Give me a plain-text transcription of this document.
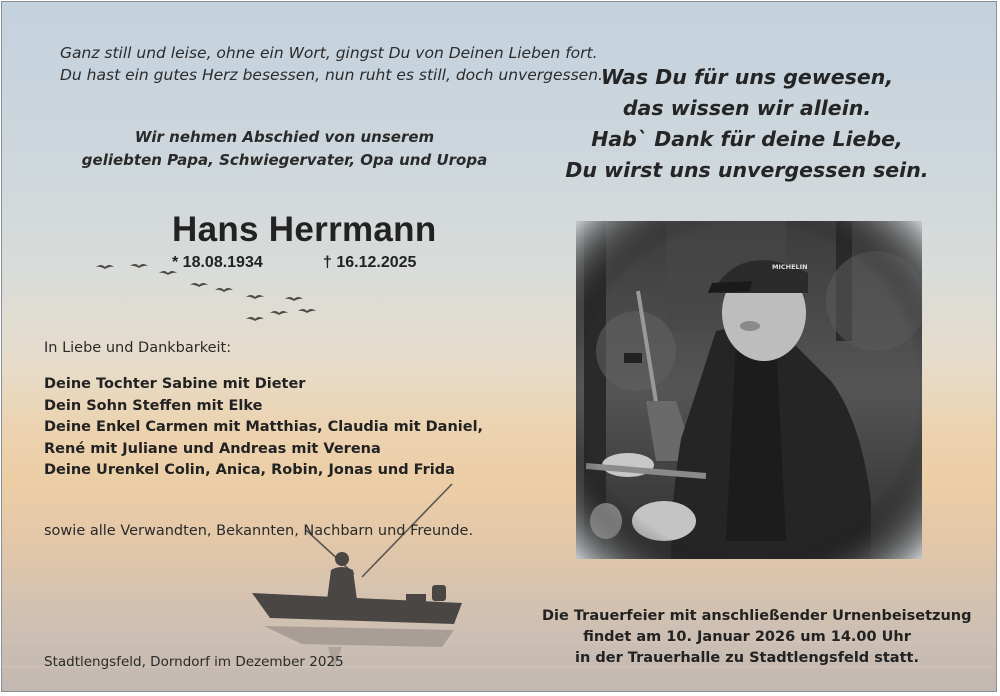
Ganz still und leise, ohne ein Wort, gingst Du von Deinen Lieben fort.
Du hast ein gutes Herz besessen, nun ruht es still, doch unvergessen.

Wir nehmen Abschied von unserem
geliebten Papa, Schwiegervater, Opa und Uropa

Was Du für uns gewesen,
das wissen wir allein.
Hab` Dank für deine Liebe,
Du wirst uns unvergessen sein.

Hans Herrmann
* 18.08.1934	† 16.12.2025
In Liebe und Dankbarkeit:
Deine Tochter Sabine mit Dieter
Dein Sohn Steffen mit Elke
Deine Enkel Carmen mit Matthias, Claudia mit Daniel,
René mit Juliane und Andreas mit Verena
Deine Urenkel Colin, Anica, Robin, Jonas und Frida
sowie alle Verwandten, Bekannten, Nachbarn und Freunde.
Stadtlengsfeld, Dorndorf im Dezember 2025

Die Trauerfeier mit anschließender Urnenbeisetzung
findet am 10. Januar 2026 um 14.00 Uhr
in der Trauerhalle zu Stadtlengsfeld statt.
